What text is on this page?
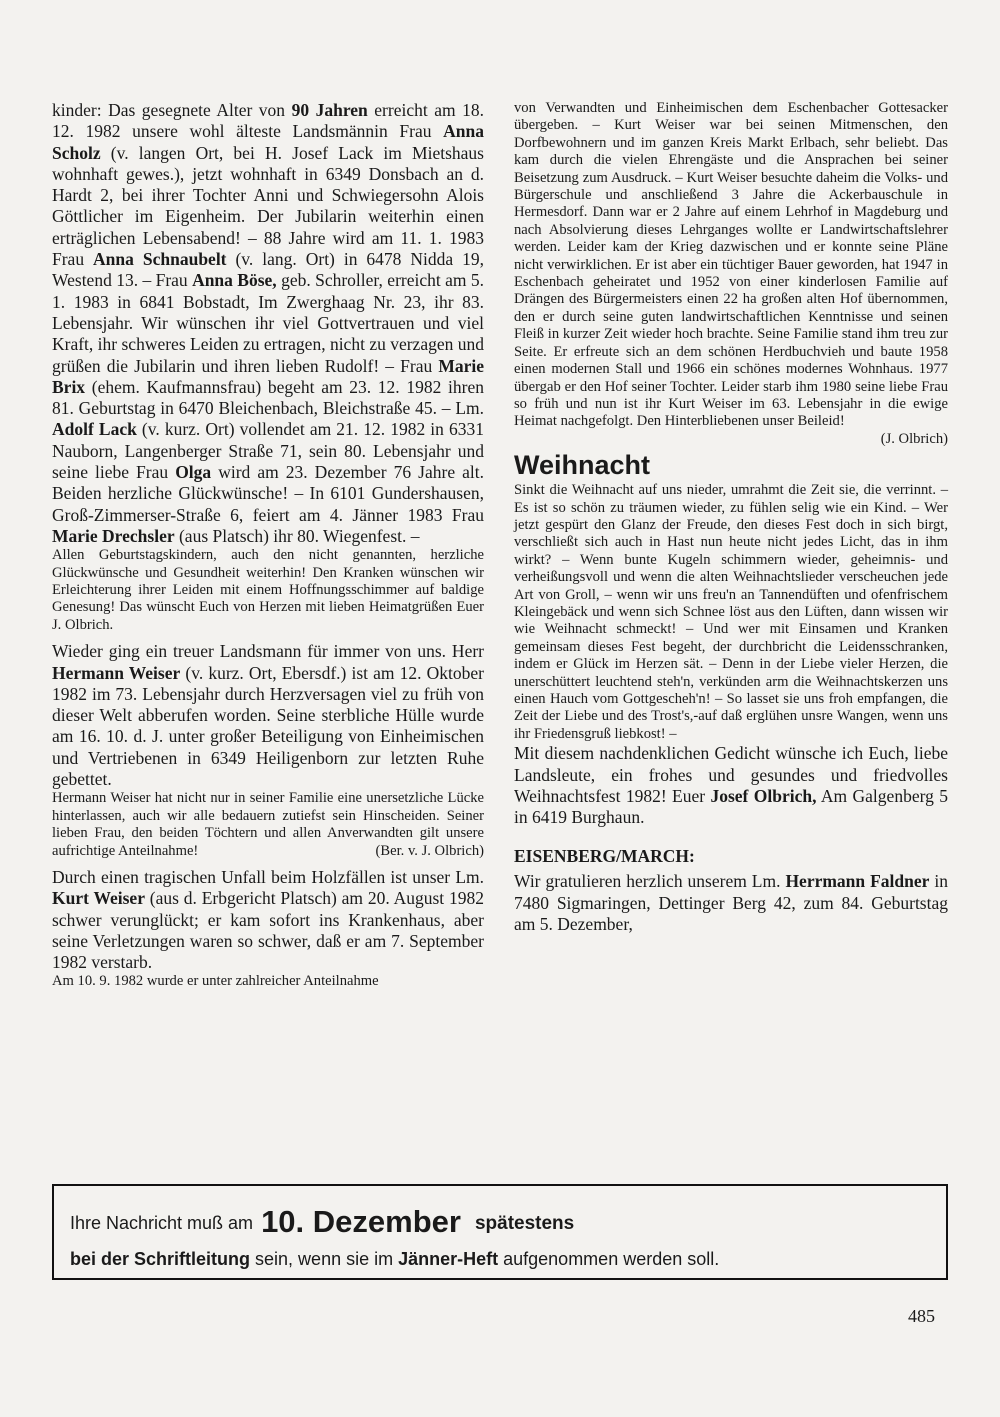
kinder: Das gesegnete Alter von 90 Jahren erreicht am 18. 12. 1982 unsere wohl älteste Landsmännin Frau Anna Scholz (v. langen Ort, bei H. Josef Lack im Mietshaus wohnhaft gewes.), jetzt wohnhaft in 6349 Donsbach an d. Hardt 2, bei ihrer Tochter Anni und Schwiegersohn Alois Göttlicher im Eigenheim. Der Jubilarin weiterhin einen erträglichen Lebensabend! – 88 Jahre wird am 11. 1. 1983 Frau Anna Schnaubelt (v. lang. Ort) in 6478 Nidda 19, Westend 13. – Frau Anna Böse, geb. Schroller, erreicht am 5. 1. 1983 in 6841 Bobstadt, Im Zwerghaag Nr. 23, ihr 83. Lebensjahr. Wir wünschen ihr viel Gottvertrauen und viel Kraft, ihr schweres Leiden zu ertragen, nicht zu verzagen und grüßen die Jubilarin und ihren lieben Rudolf! – Frau Marie Brix (ehem. Kaufmannsfrau) begeht am 23. 12. 1982 ihren 81. Geburtstag in 6470 Bleichenbach, Bleichstraße 45. – Lm. Adolf Lack (v. kurz. Ort) vollendet am 21. 12. 1982 in 6331 Nauborn, Langenberger Straße 71, sein 80. Lebensjahr und seine liebe Frau Olga wird am 23. Dezember 76 Jahre alt. Beiden herzliche Glückwünsche! – In 6101 Gundershausen, Groß-Zimmerser-Straße 6, feiert am 4. Jänner 1983 Frau Marie Drechsler (aus Platsch) ihr 80. Wiegenfest. –

Allen Geburtstagskindern, auch den nicht genannten, herzliche Glückwünsche und Gesundheit weiterhin! Den Kranken wünschen wir Erleichterung ihrer Leiden mit einem Hoffnungsschimmer auf baldige Genesung! Das wünscht Euch von Herzen mit lieben Heimatgrüßen Euer J. Olbrich.

Wieder ging ein treuer Landsmann für immer von uns. Herr Hermann Weiser (v. kurz. Ort, Ebersdf.) ist am 12. Oktober 1982 im 73. Lebensjahr durch Herzversagen viel zu früh von dieser Welt abberufen worden. Seine sterbliche Hülle wurde am 16. 10. d. J. unter großer Beteiligung von Einheimischen und Vertriebenen in 6349 Heiligenborn zur letzten Ruhe gebettet.

Hermann Weiser hat nicht nur in seiner Familie eine unersetzliche Lücke hinterlassen, auch wir alle bedauern zutiefst sein Hinscheiden. Seiner lieben Frau, den beiden Töchtern und allen Anverwandten gilt unsere aufrichtige Anteilnahme!	(Ber. v. J. Olbrich)

Durch einen tragischen Unfall beim Holzfällen ist unser Lm. Kurt Weiser (aus d. Erbgericht Platsch) am 20. August 1982 schwer verunglückt; er kam sofort ins Krankenhaus, aber seine Verletzungen waren so schwer, daß er am 7. September 1982 verstarb.

Am 10. 9. 1982 wurde er unter zahlreicher Anteilnahme

von Verwandten und Einheimischen dem Eschenbacher Gottesacker übergeben. – Kurt Weiser war bei seinen Mitmenschen, den Dorfbewohnern und im ganzen Kreis Markt Erlbach, sehr beliebt. Das kam durch die vielen Ehrengäste und die Ansprachen bei seiner Beisetzung zum Ausdruck. – Kurt Weiser besuchte daheim die Volks- und Bürgerschule und anschließend 3 Jahre die Ackerbauschule in Hermesdorf. Dann war er 2 Jahre auf einem Lehrhof in Magdeburg und nach Absolvierung dieses Lehrganges wollte er Landwirtschaftslehrer werden. Leider kam der Krieg dazwischen und er konnte seine Pläne nicht verwirklichen. Er ist aber ein tüchtiger Bauer geworden, hat 1947 in Eschenbach geheiratet und 1952 von einer kinderlosen Familie auf Drängen des Bürgermeisters einen 22 ha großen alten Hof übernommen, den er durch seine guten landwirtschaftlichen Kenntnisse und seinen Fleiß in kurzer Zeit wieder hoch brachte. Seine Familie stand ihm treu zur Seite. Er erfreute sich an dem schönen Herdbuchvieh und baute 1958 einen modernen Stall und 1966 ein schönes modernes Wohnhaus. 1977 übergab er den Hof seiner Tochter. Leider starb ihm 1980 seine liebe Frau so früh und nun ist ihr Kurt Weiser im 63. Lebensjahr in die ewige Heimat nachgefolgt. Den Hinterbliebenen unser Beileid!

(J. Olbrich)
Weihnacht

Sinkt die Weihnacht auf uns nieder, umrahmt die Zeit sie, die verrinnt. – Es ist so schön zu träumen wieder, zu fühlen selig wie ein Kind. – Wer jetzt gespürt den Glanz der Freude, den dieses Fest doch in sich birgt, verschließt sich auch in Hast nun heute nicht jedes Licht, das in ihm wirkt? – Wenn bunte Kugeln schimmern wieder, geheimnis- und verheißungsvoll und wenn die alten Weihnachtslieder verscheuchen jede Art von Groll, – wenn wir uns freu'n an Tannendüften und ofenfrischem Kleingebäck und wenn sich Schnee löst aus den Lüften, dann wissen wir wie Weihnacht schmeckt! – Und wer mit Einsamen und Kranken gemeinsam dieses Fest begeht, der durchbricht die Leidensschranken, indem er Glück im Herzen sät. – Denn in der Liebe vieler Herzen, die unerschüttert leuchtend steh'n, verkünden arm die Weihnachtskerzen uns einen Hauch vom Gottgescheh'n! – So lasset sie uns froh empfangen, die Zeit der Liebe und des Trost's,-auf daß erglühen unsre Wangen, wenn uns ihr Friedensgruß liebkost! –

Mit diesem nachdenklichen Gedicht wünsche ich Euch, liebe Landsleute, ein frohes und gesundes und friedvolles Weihnachtsfest 1982! Euer Josef Olbrich, Am Galgenberg 5 in 6419 Burghaun.

EISENBERG/MARCH:

Wir gratulieren herzlich unserem Lm. Herrmann Faldner in 7480 Sigmaringen, Dettinger Berg 42, zum 84. Geburtstag am 5. Dezember,

Ihre Nachricht muß am 10. Dezember spätestens
bei der Schriftleitung sein, wenn sie im Jänner-Heft aufgenommen werden soll.
485
